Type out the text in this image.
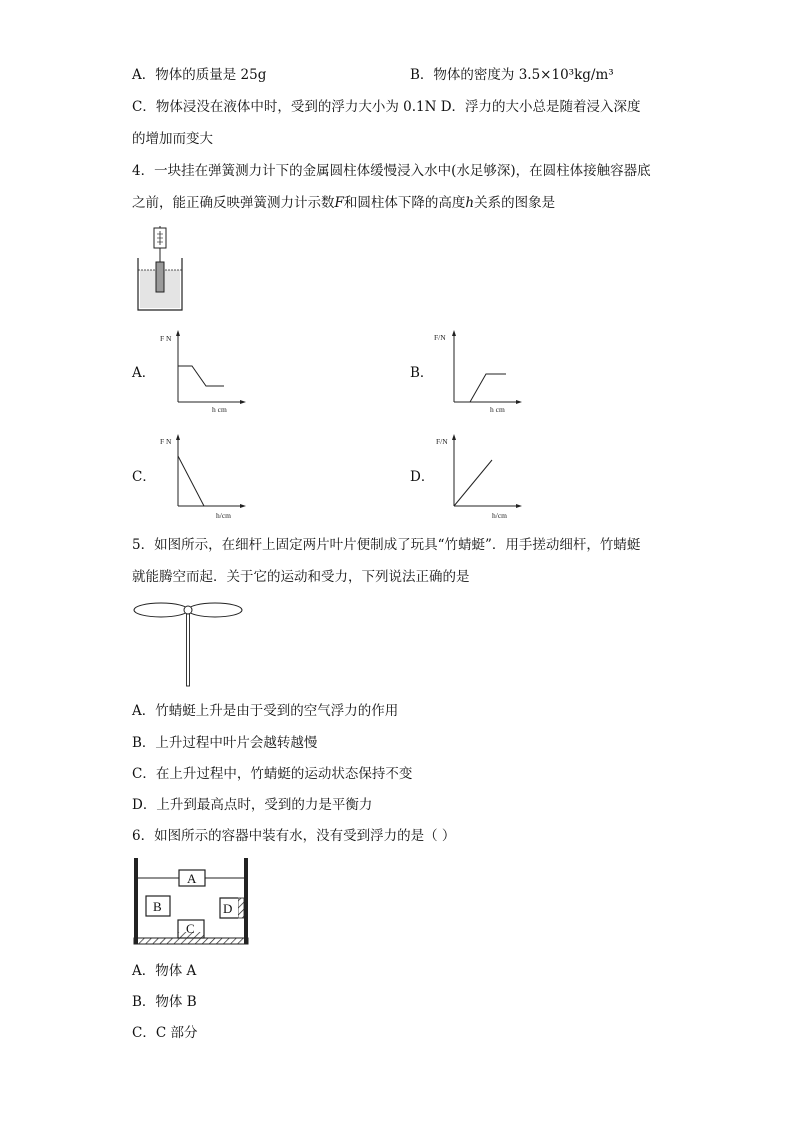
A．物体的质量是 25g	B．物体的密度为 3.5×10³kg/m³
C．物体浸没在液体中时，受到的浮力大小为 0.1N D．浮力的大小总是随着浸入深度
的增加而变大
4．一块挂在弹簧测力计下的金属圆柱体缓慢浸入水中(水足够深)，在圆柱体接触容器底
之前，能正确反映弹簧测力计示数F和圆柱体下降的高度h关系的图象是
A．	B．
C．	D．
F N
h cm
F/N
h cm
F N
h/cm
F/N
h/cm
5．如图所示，在细杆上固定两片叶片便制成了玩具“竹蜻蜓”．用手搓动细杆，竹蜻蜓
就能腾空而起．关于它的运动和受力，下列说法正确的是
A．竹蜻蜓上升是由于受到的空气浮力的作用
B．上升过程中叶片会越转越慢
C．在上升过程中，竹蜻蜓的运动状态保持不变
D．上升到最高点时，受到的力是平衡力
6．如图所示的容器中装有水，没有受到浮力的是（ ）
A
B	D
C
A．物体 A
B．物体 B
C．C 部分
